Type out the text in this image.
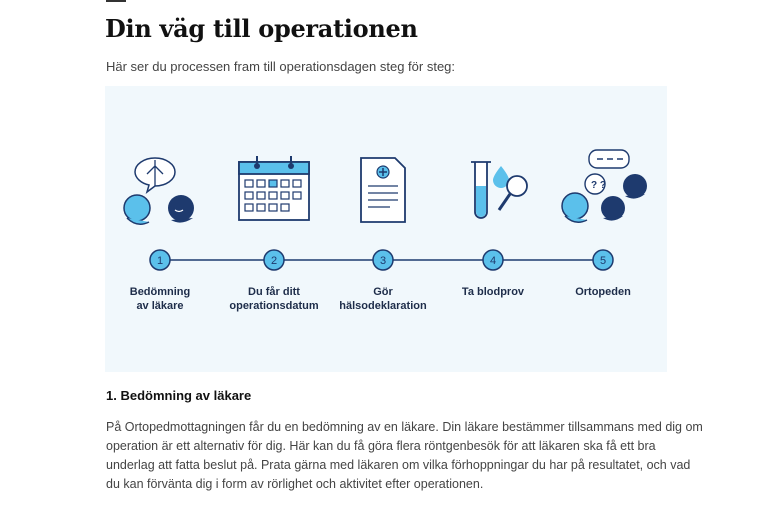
Din väg till operationen

Här ser du processen fram till operationsdagen steg för steg:

? ?
1	2	3	4	5
Bedömning
av läkare
Du får ditt
operationsdatum
Gör
hälsodeklaration
Ta blodprov	Ortopeden
1. Bedömning av läkare

På Ortopedmottagningen får du en bedömning av en läkare. Din läkare bestämmer tillsammans med dig om operation är ett alternativ för dig. Här kan du få göra flera röntgenbesök för att läkaren ska få ett bra underlag att fatta beslut på. Prata gärna med läkaren om vilka förhoppningar du har på resultatet, och vad du kan förvänta dig i form av rörlighet och aktivitet efter operationen.
